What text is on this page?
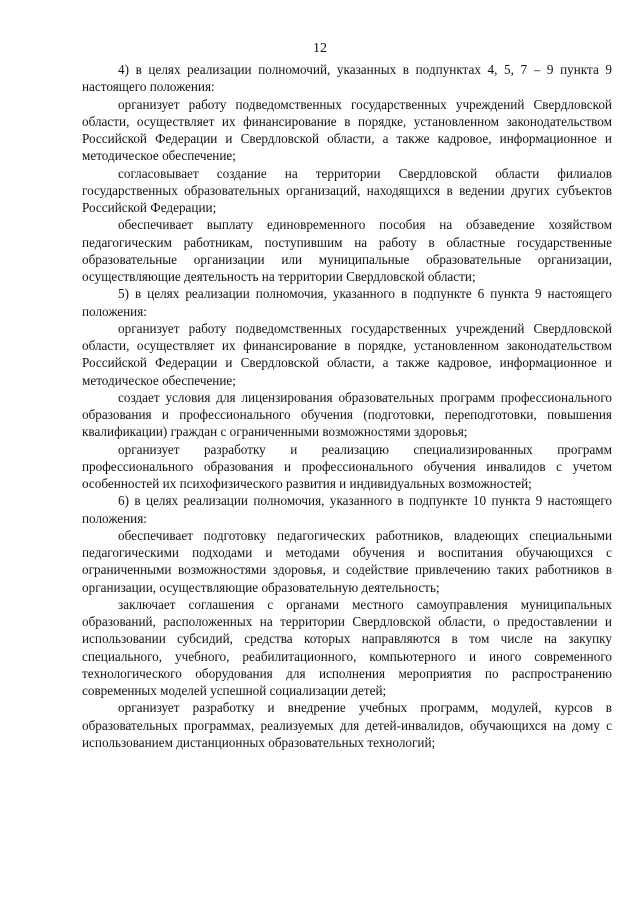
12

4) в целях реализации полномочий, указанных в подпунктах 4, 5, 7 – 9 пункта 9 настоящего положения:

организует работу подведомственных государственных учреждений Свердловской области, осуществляет их финансирование в порядке, установленном законодательством Российской Федерации и Свердловской области, а также кадровое, информационное и методическое обеспечение;

согласовывает создание на территории Свердловской области филиалов государственных образовательных организаций, находящихся в ведении других субъектов Российской Федерации;

обеспечивает выплату единовременного пособия на обзаведение хозяйством педагогическим работникам, поступившим на работу в областные государственные образовательные организации или муниципальные образовательные организации, осуществляющие деятельность на территории Свердловской области;

5) в целях реализации полномочия, указанного в подпункте 6 пункта 9 настоящего положения:

организует работу подведомственных государственных учреждений Свердловской области, осуществляет их финансирование в порядке, установленном законодательством Российской Федерации и Свердловской области, а также кадровое, информационное и методическое обеспечение;

создает условия для лицензирования образовательных программ профессионального образования и профессионального обучения (подготовки, переподготовки, повышения квалификации) граждан с ограниченными возможностями здоровья;

организует разработку и реализацию специализированных программ профессионального образования и профессионального обучения инвалидов с учетом особенностей их психофизического развития и индивидуальных возможностей;

6) в целях реализации полномочия, указанного в подпункте 10 пункта 9 настоящего положения:

обеспечивает подготовку педагогических работников, владеющих специальными педагогическими подходами и методами обучения и воспитания обучающихся с ограниченными возможностями здоровья, и содействие привлечению таких работников в организации, осуществляющие образовательную деятельность;

заключает соглашения с органами местного самоуправления муниципальных образований, расположенных на территории Свердловской области, о предоставлении и использовании субсидий, средства которых направляются в том числе на закупку специального, учебного, реабилитационного, компьютерного и иного современного технологического оборудования для исполнения мероприятия по распространению современных моделей успешной социализации детей;

организует разработку и внедрение учебных программ, модулей, курсов в образовательных программах, реализуемых для детей-инвалидов, обучающихся на дому с использованием дистанционных образовательных технологий;
